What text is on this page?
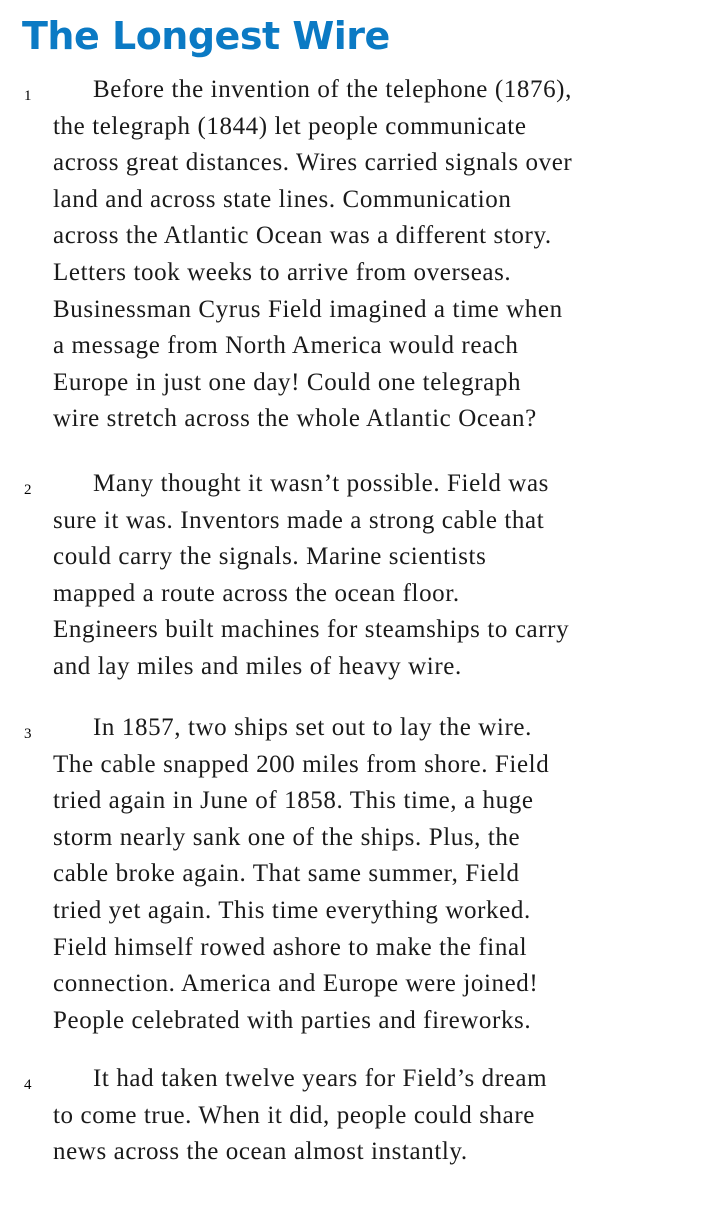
The Longest Wire
1	Before the invention of the telephone (1876),
the telegraph (1844) let people communicate
across great distances. Wires carried signals over
land and across state lines. Communication
across the Atlantic Ocean was a different story.
Letters took weeks to arrive from overseas.
Businessman Cyrus Field imagined a time when
a message from North America would reach
Europe in just one day! Could one telegraph
wire stretch across the whole Atlantic Ocean?

2	Many thought it wasn’t possible. Field was
sure it was. Inventors made a strong cable that
could carry the signals. Marine scientists
mapped a route across the ocean floor.
Engineers built machines for steamships to carry
and lay miles and miles of heavy wire.

3	In 1857, two ships set out to lay the wire.
The cable snapped 200 miles from shore. Field
tried again in June of 1858. This time, a huge
storm nearly sank one of the ships. Plus, the
cable broke again. That same summer, Field
tried yet again. This time everything worked.
Field himself rowed ashore to make the final
connection. America and Europe were joined!
People celebrated with parties and fireworks.

4	It had taken twelve years for Field’s dream
to come true. When it did, people could share
news across the ocean almost instantly.
